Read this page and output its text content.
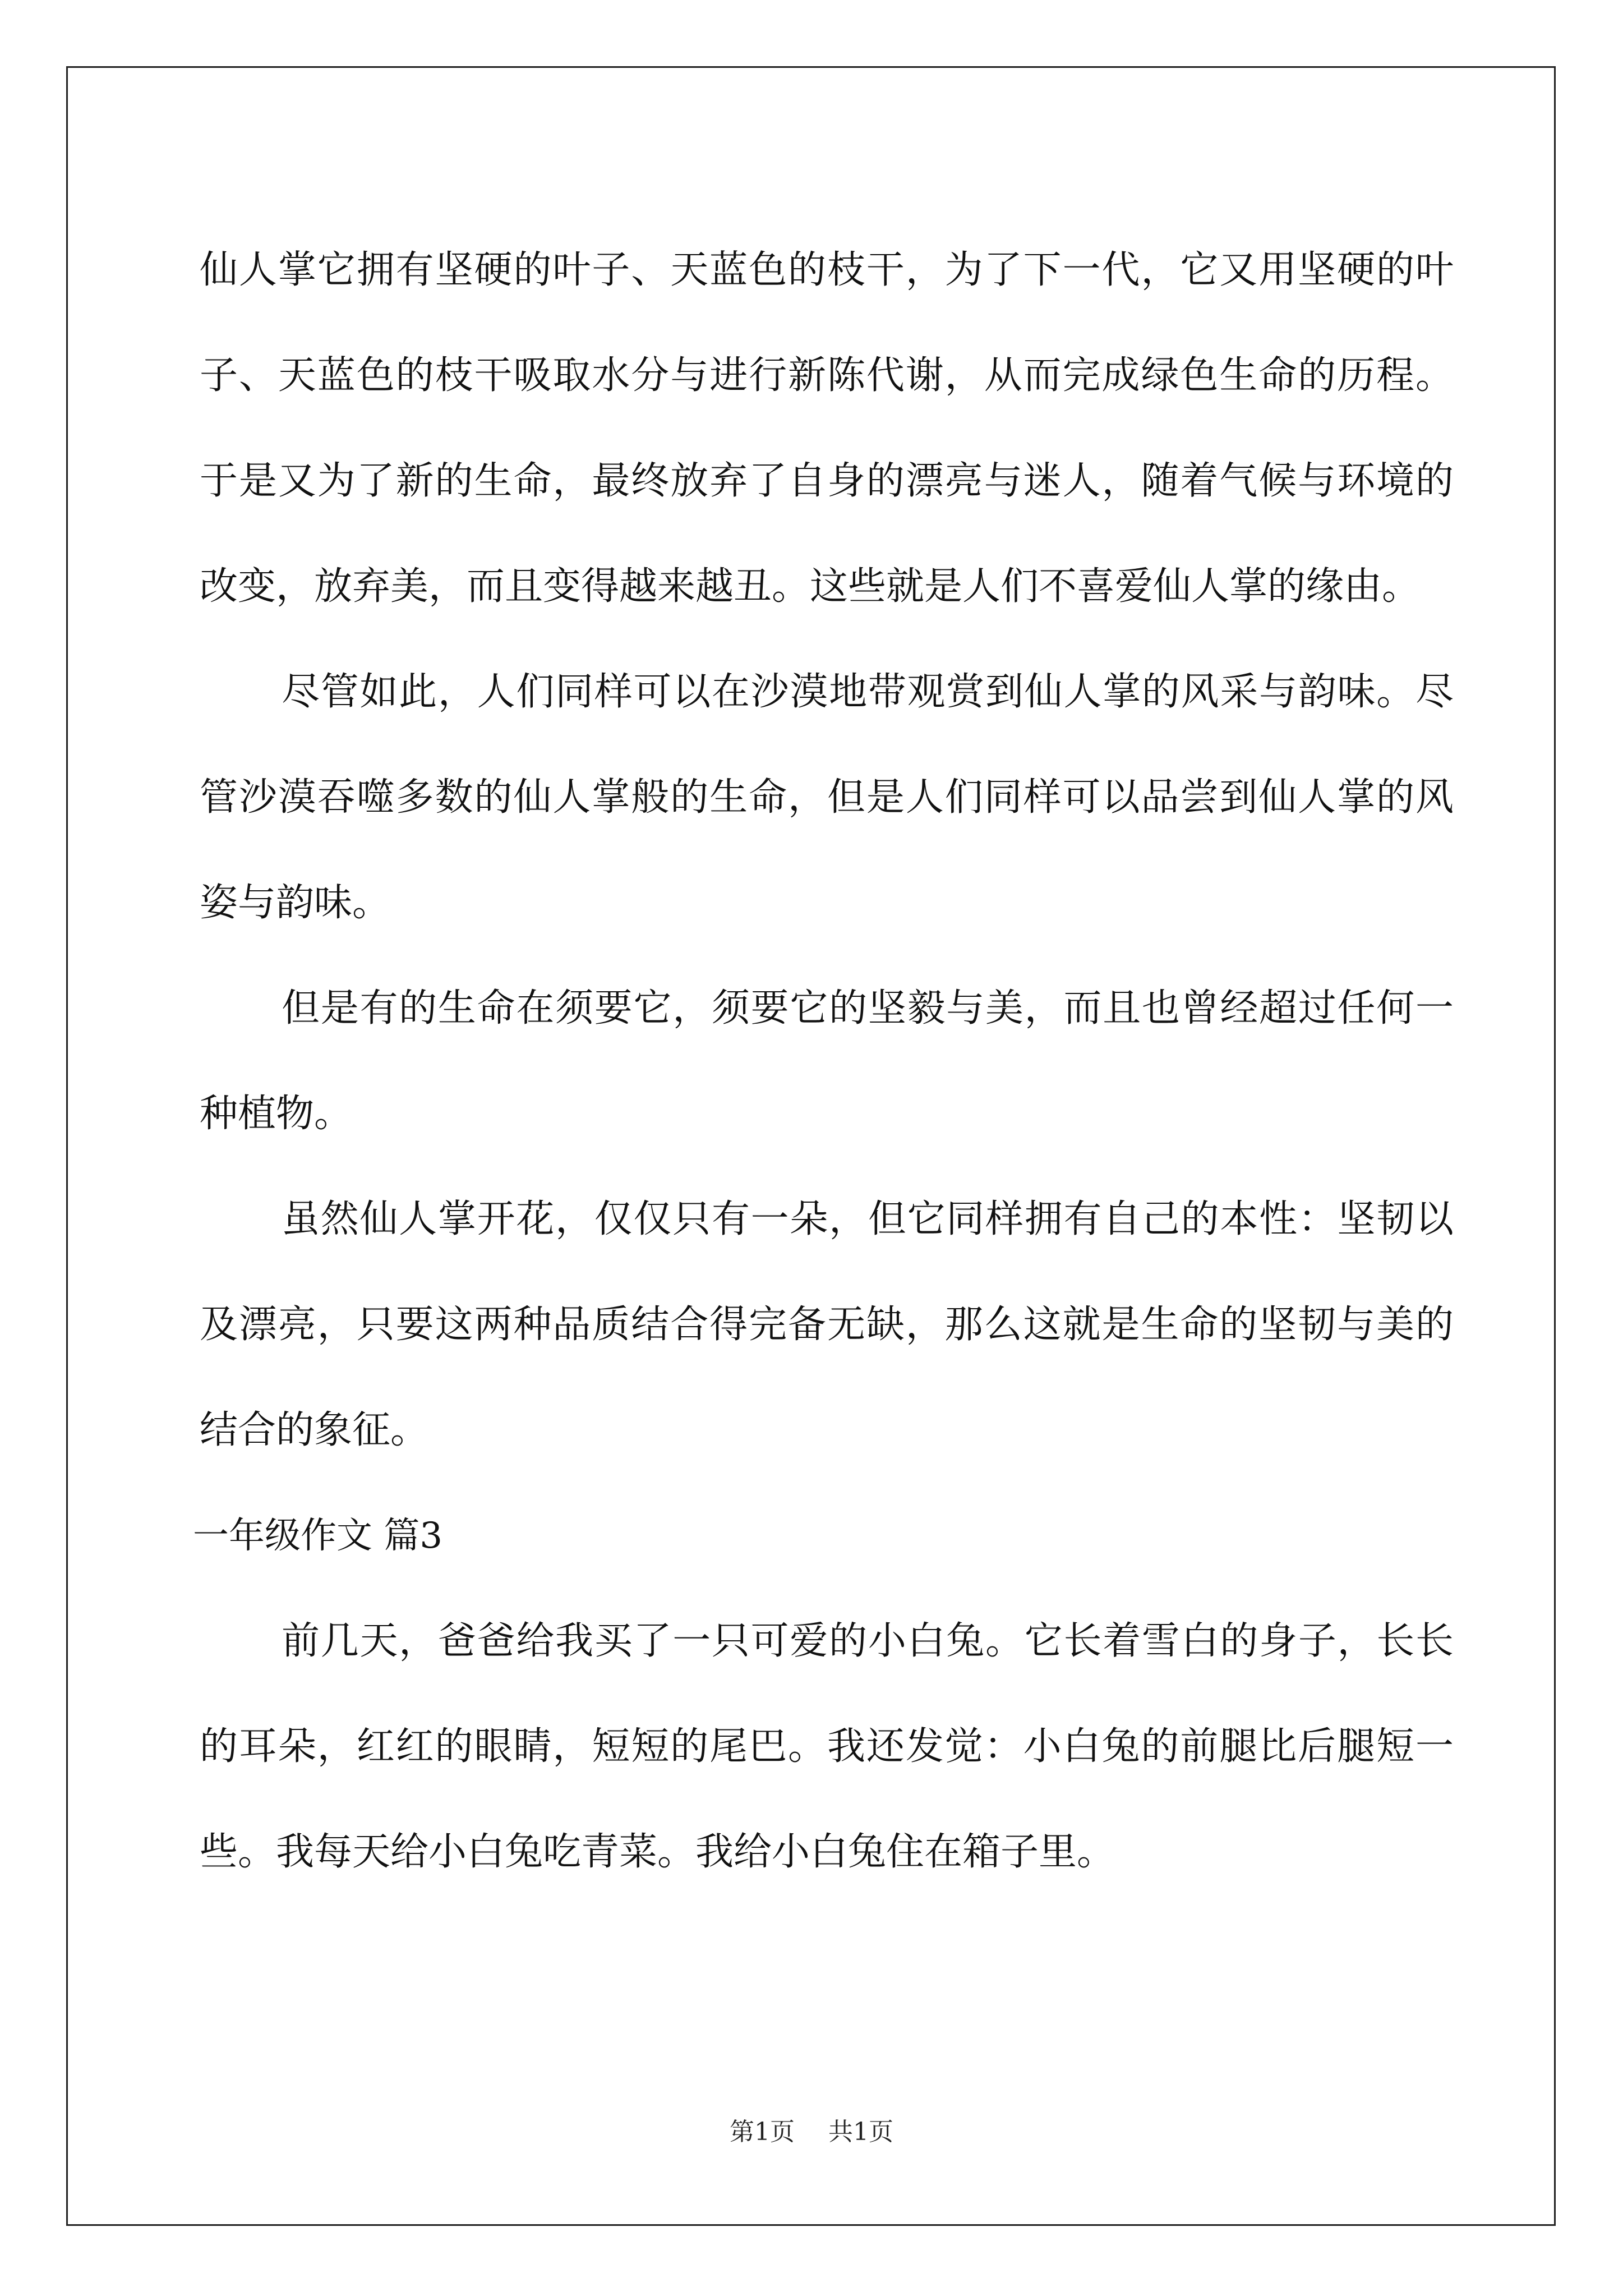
仙人掌它拥有坚硬的叶子、天蓝色的枝干，为了下一代，它又用坚硬的叶子、天蓝色的枝干吸取水分与进行新陈代谢，从而完成绿色生命的历程。于是又为了新的生命，最终放弃了自身的漂亮与迷人，随着气候与环境的改变，放弃美，而且变得越来越丑。这些就是人们不喜爱仙人掌的缘由。

尽管如此，人们同样可以在沙漠地带观赏到仙人掌的风采与韵味。尽管沙漠吞噬多数的仙人掌般的生命，但是人们同样可以品尝到仙人掌的风姿与韵味。

但是有的生命在须要它，须要它的坚毅与美，而且也曾经超过任何一种植物。

虽然仙人掌开花，仅仅只有一朵，但它同样拥有自己的本性：坚韧以及漂亮，只要这两种品质结合得完备无缺，那么这就是生命的坚韧与美的结合的象征。

一年级作文 篇3

前几天，爸爸给我买了一只可爱的小白兔。它长着雪白的身子，长长的耳朵，红红的眼睛，短短的尾巴。我还发觉：小白兔的前腿比后腿短一些。我每天给小白兔吃青菜。我给小白兔住在箱子里。

第1页 共1页
